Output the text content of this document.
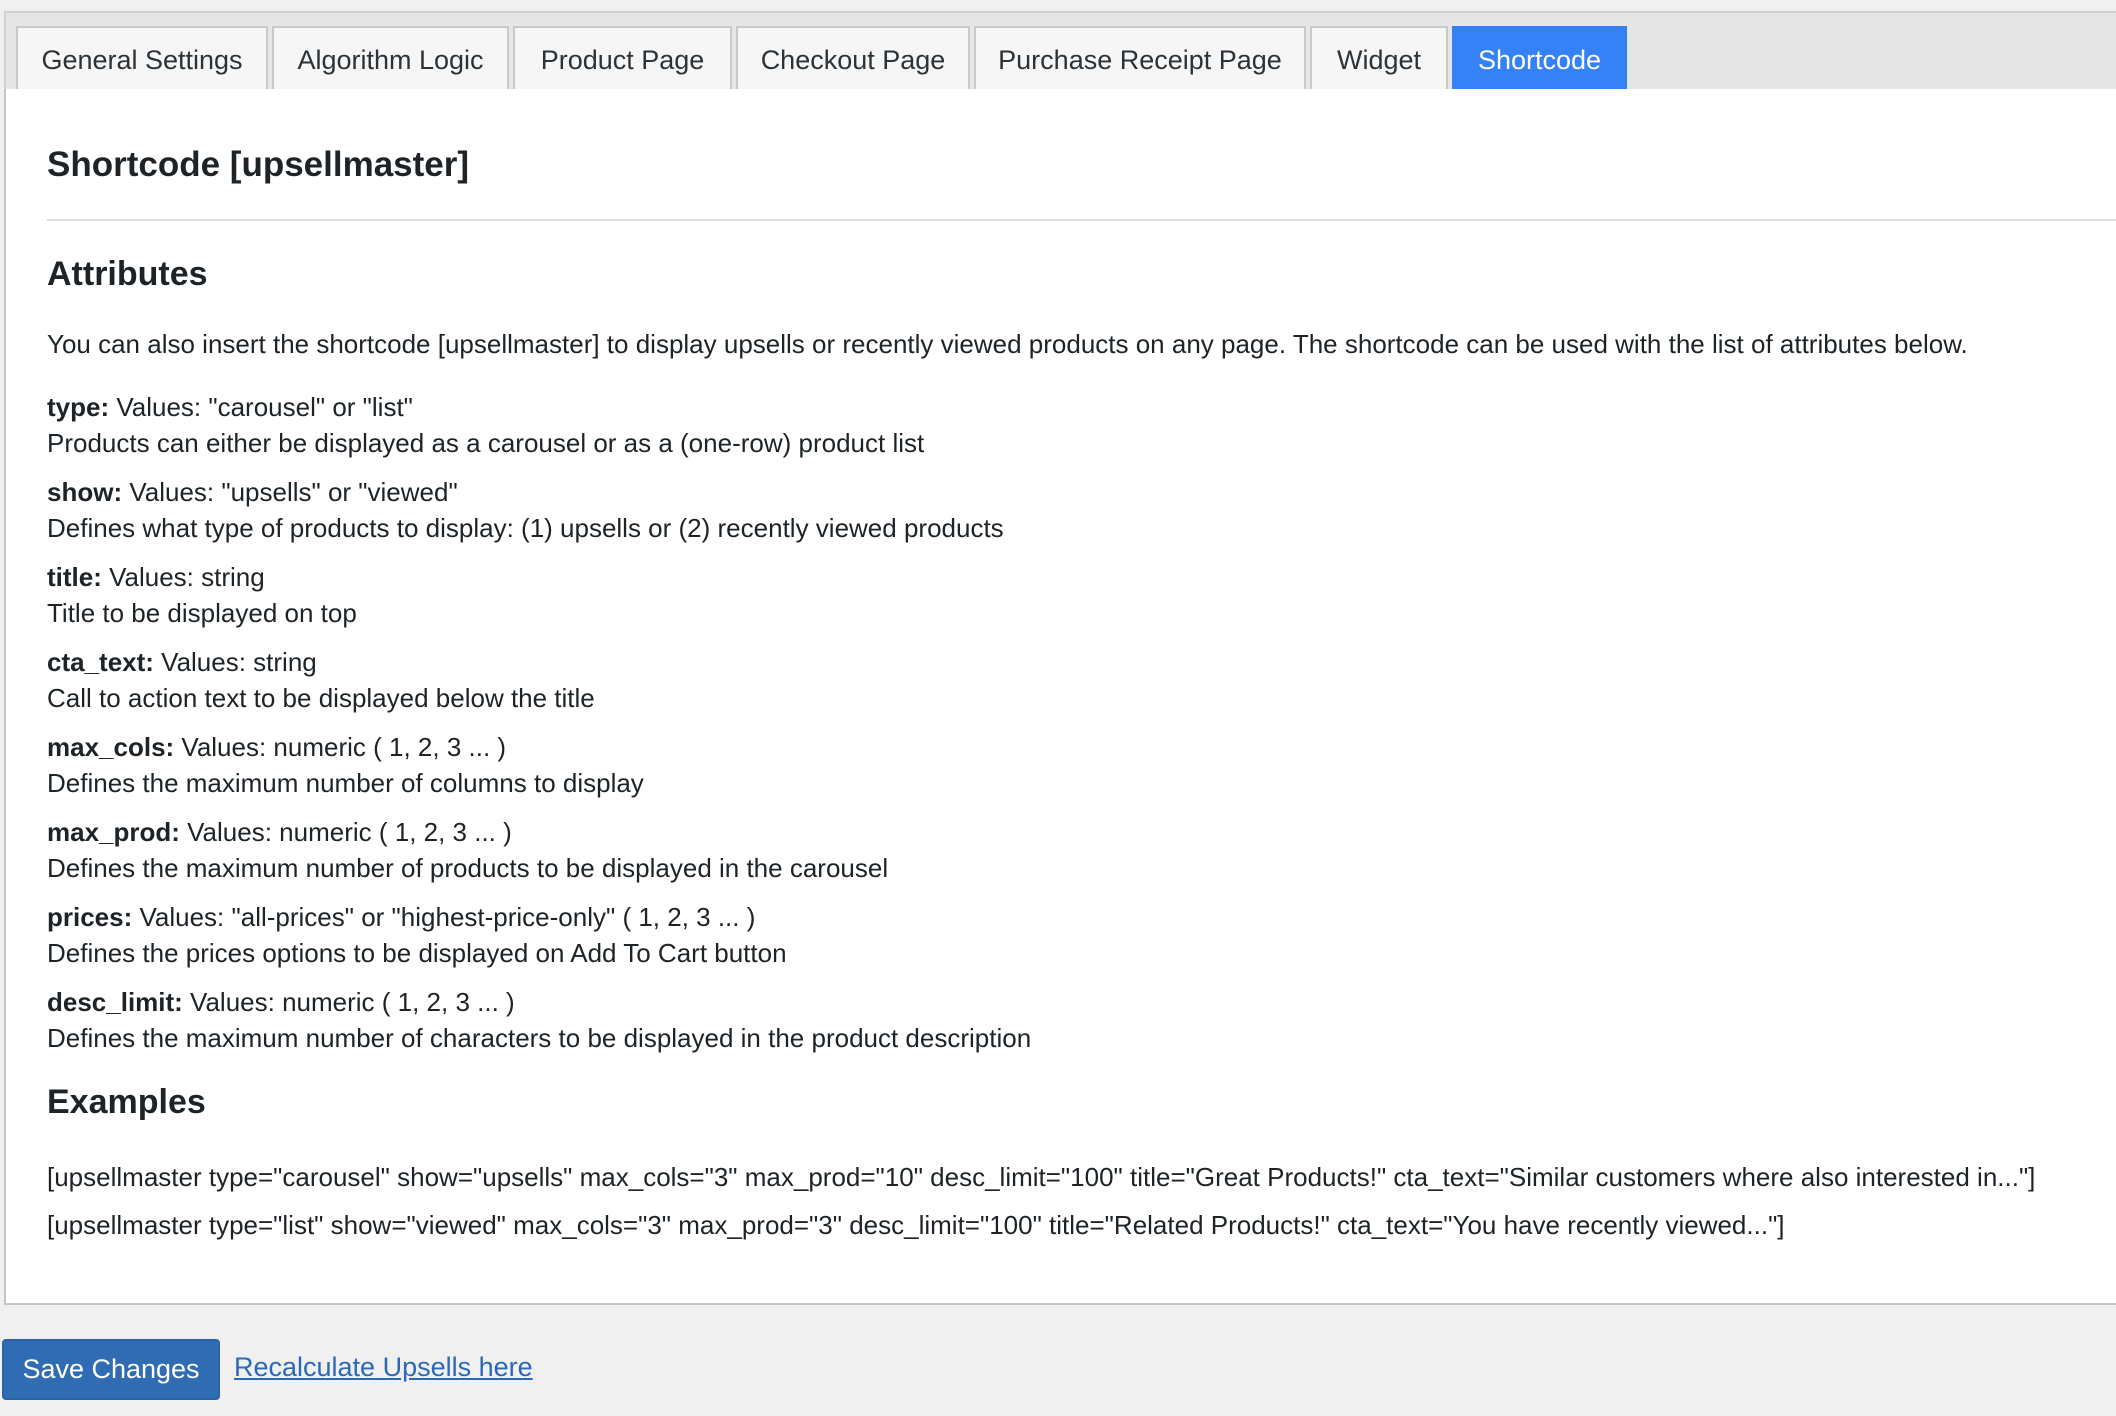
General Settings	Algorithm Logic	Product Page	Checkout Page	Purchase Receipt Page	Widget	Shortcode
Shortcode [upsellmaster]
Attributes

You can also insert the shortcode [upsellmaster] to display upsells or recently viewed products on any page. The shortcode can be used with the list of attributes below.

type: Values: "carousel" or "list"

Products can either be displayed as a carousel or as a (one-row) product list

show: Values: "upsells" or "viewed"

Defines what type of products to display: (1) upsells or (2) recently viewed products

title: Values: string

Title to be displayed on top

cta_text: Values: string

Call to action text to be displayed below the title

max_cols: Values: numeric ( 1, 2, 3 ... )

Defines the maximum number of columns to display

max_prod: Values: numeric ( 1, 2, 3 ... )

Defines the maximum number of products to be displayed in the carousel

prices: Values: "all-prices" or "highest-price-only" ( 1, 2, 3 ... )

Defines the prices options to be displayed on Add To Cart button

desc_limit: Values: numeric ( 1, 2, 3 ... )

Defines the maximum number of characters to be displayed in the product description

Examples

[upsellmaster type="carousel" show="upsells" max_cols="3" max_prod="10" desc_limit="100" title="Great Products!" cta_text="Similar customers where also interested in..."]

[upsellmaster type="list" show="viewed" max_cols="3" max_prod="3" desc_limit="100" title="Related Products!" cta_text="You have recently viewed..."]

Save Changes	Recalculate Upsells here
